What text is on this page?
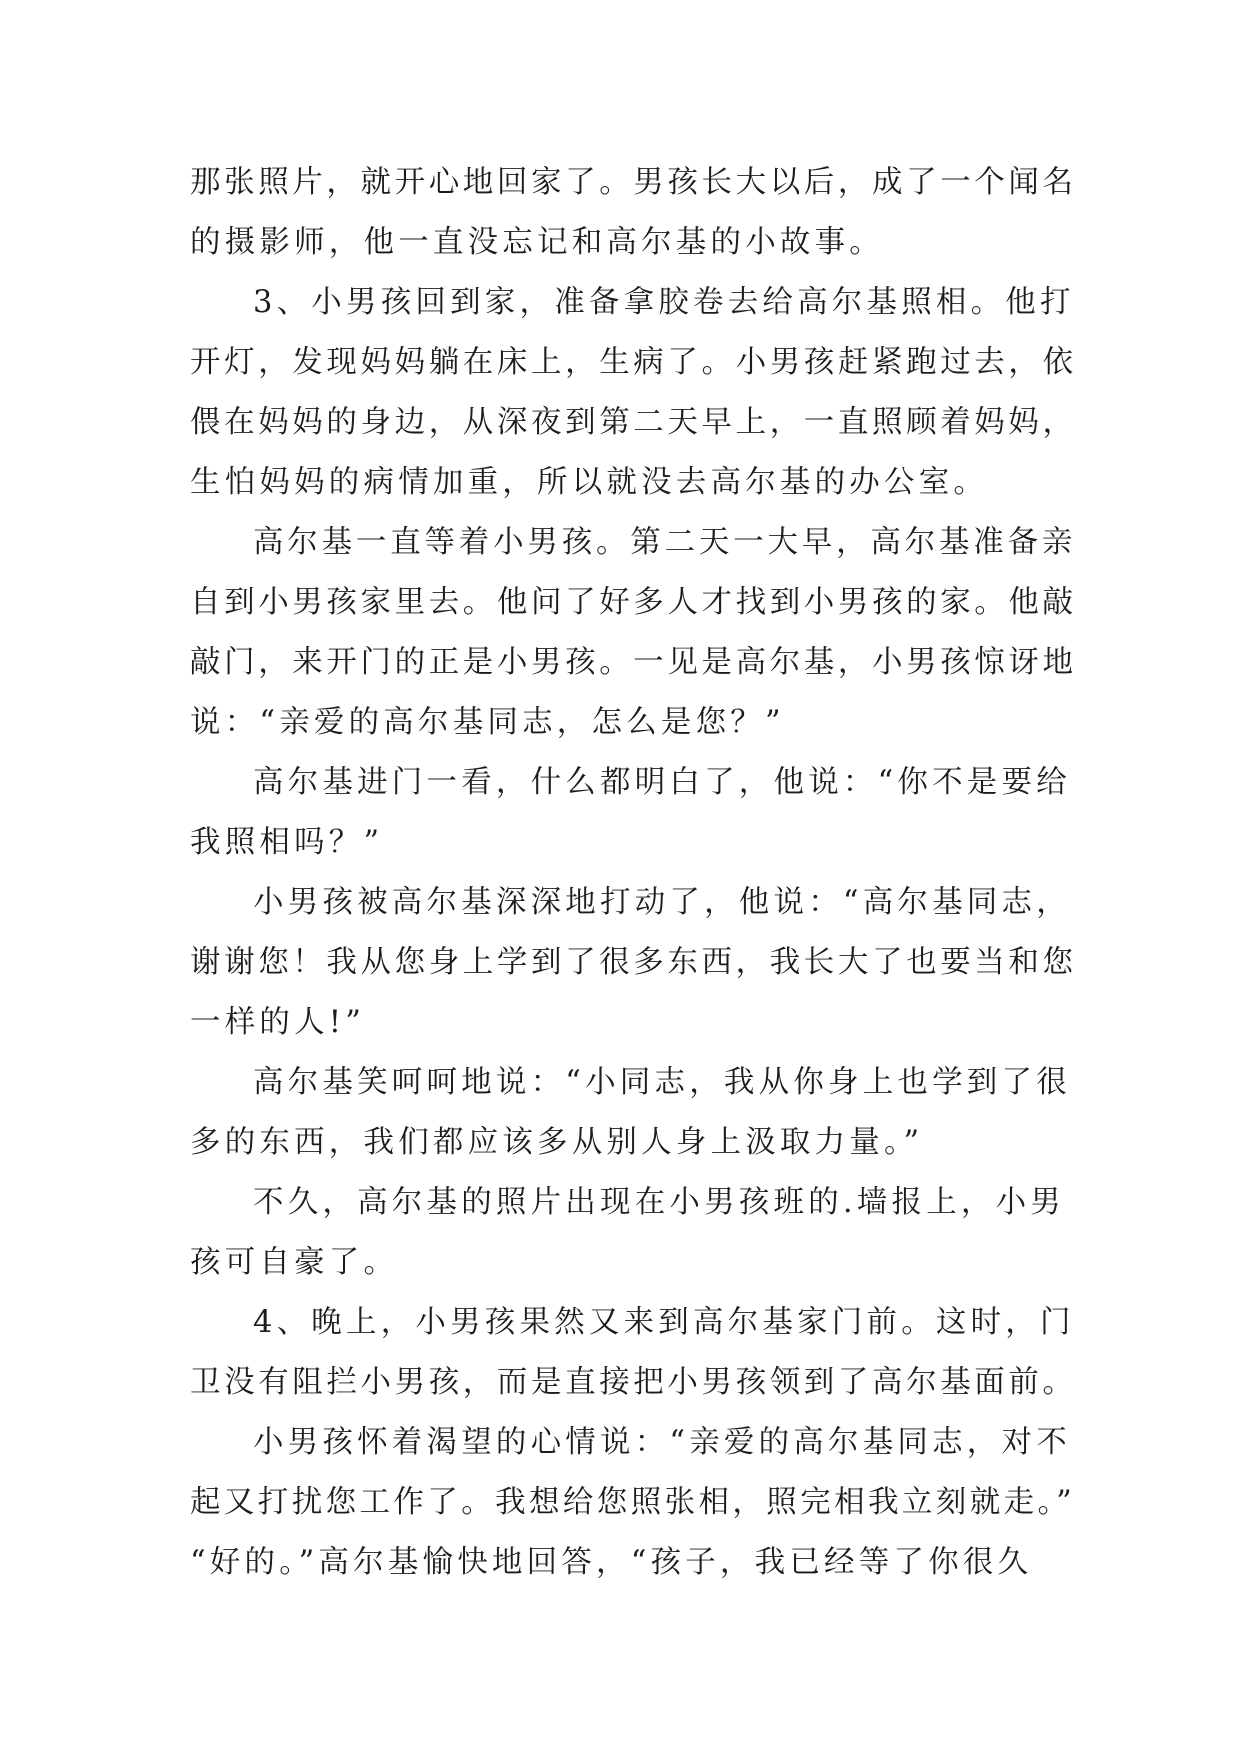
那张照片，就开心地回家了。男孩长大以后，成了一个闻名
的摄影师，他一直没忘记和高尔基的小故事。
3、小男孩回到家，准备拿胶卷去给高尔基照相。他打
开灯，发现妈妈躺在床上，生病了。小男孩赶紧跑过去，依
偎在妈妈的身边，从深夜到第二天早上，一直照顾着妈妈，
生怕妈妈的病情加重，所以就没去高尔基的办公室。
高尔基一直等着小男孩。第二天一大早，高尔基准备亲
自到小男孩家里去。他问了好多人才找到小男孩的家。他敲
敲门，来开门的正是小男孩。一见是高尔基，小男孩惊讶地
说：“亲爱的高尔基同志，怎么是您？”
高尔基进门一看，什么都明白了，他说：“你不是要给
我照相吗？”
小男孩被高尔基深深地打动了，他说：“高尔基同志，
谢谢您！我从您身上学到了很多东西，我长大了也要当和您
一样的人!”
高尔基笑呵呵地说：“小同志，我从你身上也学到了很
多的东西，我们都应该多从别人身上汲取力量。”
不久，高尔基的照片出现在小男孩班的.墙报上，小男
孩可自豪了。
4、晚上，小男孩果然又来到高尔基家门前。这时，门
卫没有阻拦小男孩，而是直接把小男孩领到了高尔基面前。
小男孩怀着渴望的心情说：“亲爱的高尔基同志，对不
起又打扰您工作了。我想给您照张相，照完相我立刻就走。”
“好的。”高尔基愉快地回答，“孩子，我已经等了你很久
